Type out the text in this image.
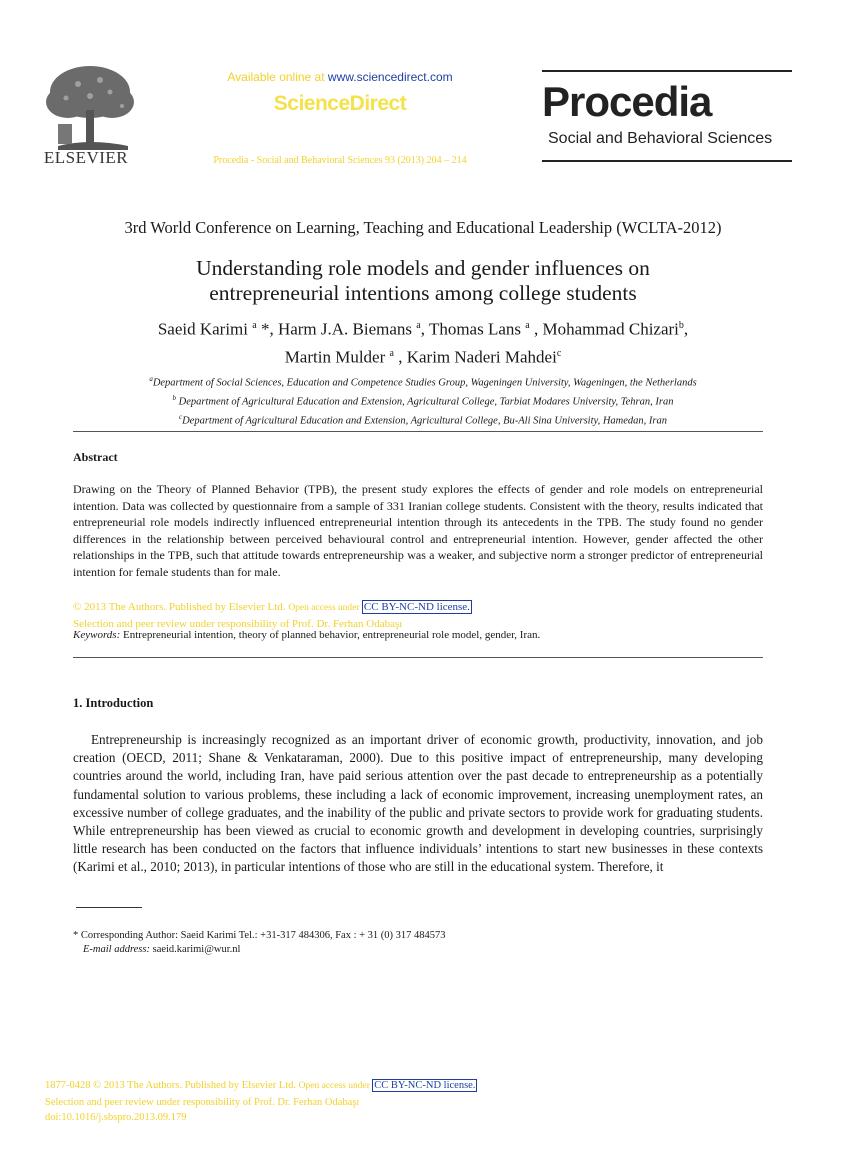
ELSEVIER
Available online at www.sciencedirect.com
ScienceDirect
Procedia - Social and Behavioral Sciences 93 (2013) 204 – 214
Procedia
Social and Behavioral Sciences
3rd World Conference on Learning, Teaching and Educational Leadership (WCLTA-2012)
Understanding role models and gender influences on
entrepreneurial intentions among college students
Saeid Karimi $^a$ *, Harm J.A. Biemans $^a$, Thomas Lans $^a$ , Mohammad Chizari$^b$,
Martin Mulder $^a$ , Karim Naderi Mahdei$^c$
$^a$Department of Social Sciences, Education and Competence Studies Group, Wageningen University, Wageningen, the Netherlands
$^b$ Department of Agricultural Education and Extension, Agricultural College, Tarbiat Modares University, Tehran, Iran
$^c$Department of Agricultural Education and Extension, Agricultural College, Bu-Ali Sina University, Hamedan, Iran
Abstract
Drawing on the Theory of Planned Behavior (TPB), the present study explores the effects of gender and role models on entrepreneurial intention. Data was collected by questionnaire from a sample of 331 Iranian college students. Consistent with the theory, results indicated that entrepreneurial role models indirectly influenced entrepreneurial intention through its antecedents in the TPB. The study found no gender differences in the relationship between perceived behavioural control and entrepreneurial intention. However, gender affected the other relationships in the TPB, such that attitude towards entrepreneurship was a weaker, and subjective norm a stronger predictor of entrepreneurial intention for female students than for male.
© 2013 The Authors. Published by Elsevier Ltd. Open access under CC BY-NC-ND license.
Selection and peer review under responsibility of Prof. Dr. Ferhan Odabaşı
Keywords: Entrepreneurial intention, theory of planned behavior, entrepreneurial role model, gender, Iran.
1. Introduction
Entrepreneurship is increasingly recognized as an important driver of economic growth, productivity, innovation, and job creation (OECD, 2011; Shane & Venkataraman, 2000). Due to this positive impact of entrepreneurship, many developing countries around the world, including Iran, have paid serious attention over the past decade to entrepreneurship as a potentially fundamental solution to various problems, these including a lack of economic improvement, increasing unemployment rates, an excessive number of college graduates, and the inability of the public and private sectors to provide work for graduating students. While entrepreneurship has been viewed as crucial to economic growth and development in developing countries, surprisingly little research has been conducted on the factors that influence individuals’ intentions to start new businesses in these contexts (Karimi et al., 2010; 2013), in particular intentions of those who are still in the educational system. Therefore, it
* Corresponding Author: Saeid Karimi Tel.: +31-317 484306, Fax : + 31 (0) 317 484573
E-mail address: saeid.karimi@wur.nl
1877-0428 © 2013 The Authors. Published by Elsevier Ltd. Open access under CC BY-NC-ND license.
Selection and peer review under responsibility of Prof. Dr. Ferhan Odabaşı
doi:10.1016/j.sbspro.2013.09.179
